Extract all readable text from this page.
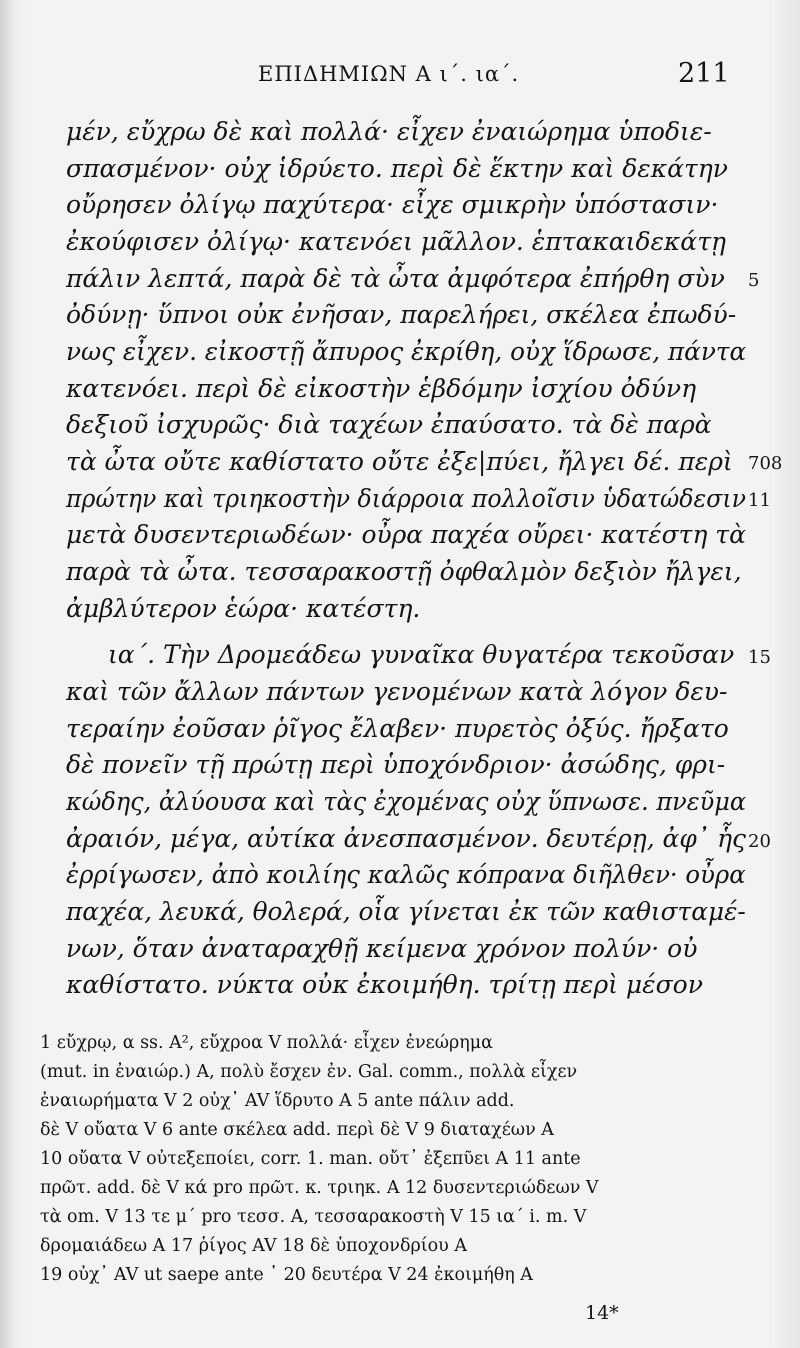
ΕΠΙΔΗΜΙΩΝ Α ι΄. ια΄.	211
μέν, εὔχρω δὲ καὶ πολλά· εἶχεν ἐναιώρημα ὑποδιε-
σπασμένον· οὐχ ἱδρύετο. περὶ δὲ ἕκτην καὶ δεκάτην
οὔρησεν ὀλίγῳ παχύτερα· εἶχε σμικρὴν ὑπόστασιν·
ἐκούφισεν ὀλίγῳ· κατενόει μᾶλλον. ἑπτακαιδεκάτῃ
πάλιν λεπτά, παρὰ δὲ τὰ ὦτα ἀμφότερα ἐπήρθη σὺν
ὀδύνῃ· ὕπνοι οὐκ ἐνῆσαν, παρελήρει, σκέλεα ἐπωδύ-
νως εἶχεν. εἰκοστῇ ἄπυρος ἐκρίθη, οὐχ ἵδρωσε, πάντα
κατενόει. περὶ δὲ εἰκοστὴν ἑβδόμην ἰσχίου ὀδύνη
δεξιοῦ ἰσχυρῶς· διὰ ταχέων ἐπαύσατο. τὰ δὲ παρὰ
τὰ ὦτα οὔτε καθίστατο οὔτε ἐξε|πύει, ἤλγει δέ. περὶ
πρώτην καὶ τριηκοστὴν διάρροια πολλοῖσιν ὑδατώδεσιν
μετὰ δυσεντεριωδέων· οὖρα παχέα οὔρει· κατέστη τὰ
παρὰ τὰ ὦτα. τεσσαρακοστῇ ὀφθαλμὸν δεξιὸν ἤλγει,
ἀμβλύτερον ἑώρα· κατέστη.
ια΄. Τὴν Δρομεάδεω γυναῖκα θυγατέρα τεκοῦσαν
καὶ τῶν ἄλλων πάντων γενομένων κατὰ λόγον δευ-
τεραίην ἐοῦσαν ῥῖγος ἔλαβεν· πυρετὸς ὀξύς. ἤρξατο
δὲ πονεῖν τῇ πρώτῃ περὶ ὑποχόνδριον· ἀσώδης, φρι-
κώδης, ἀλύουσα καὶ τὰς ἐχομένας οὐχ ὕπνωσε. πνεῦμα
ἀραιόν, μέγα, αὐτίκα ἀνεσπασμένον. δευτέρῃ, ἀφ᾽ ἧς
ἐρρίγωσεν, ἀπὸ κοιλίης καλῶς κόπρανα διῆλθεν· οὖρα
παχέα, λευκά, θολερά, οἷα γίνεται ἐκ τῶν καθισταμέ-
νων, ὅταν ἀναταραχθῇ κείμενα χρόνον πολύν· οὐ
καθίστατο. νύκτα οὐκ ἐκοιμήθη. τρίτῃ περὶ μέσον
5
708
11
15
20
1 εὔχρῳ, α ss. A², εὔχροα V πολλά· εἶχεν ἐνεώρημα
(mut. in ἐναιώρ.) A, πολὺ ἔσχεν ἐν. Gal. comm., πολλὰ εἶχεν
ἐναιωρήματα V 2 οὐχ᾽ AV ἵδρυτο A 5 ante πάλιν add.
δὲ V οὔατα V 6 ante σκέλεα add. περὶ δὲ V 9 διαταχέων A
10 οὔατα V οὐτεξεποίει, corr. 1. man. οὔτ᾽ ἐξεπῦει A 11 ante
πρῶτ. add. δὲ V κά pro πρῶτ. κ. τριηκ. A 12 δυσεντεριώδεων V
τὰ om. V 13 τε μ΄ pro τεσσ. A, τεσσαρακοστὴ V 15 ια΄ i. m. V
δρομαιάδεω A 17 ῥίγος AV 18 δὲ ὑποχονδρίου A
19 οὐχ᾽ AV ut saepe ante ῾ 20 δευτέρα V 24 ἐκοιμήθη A
14*
